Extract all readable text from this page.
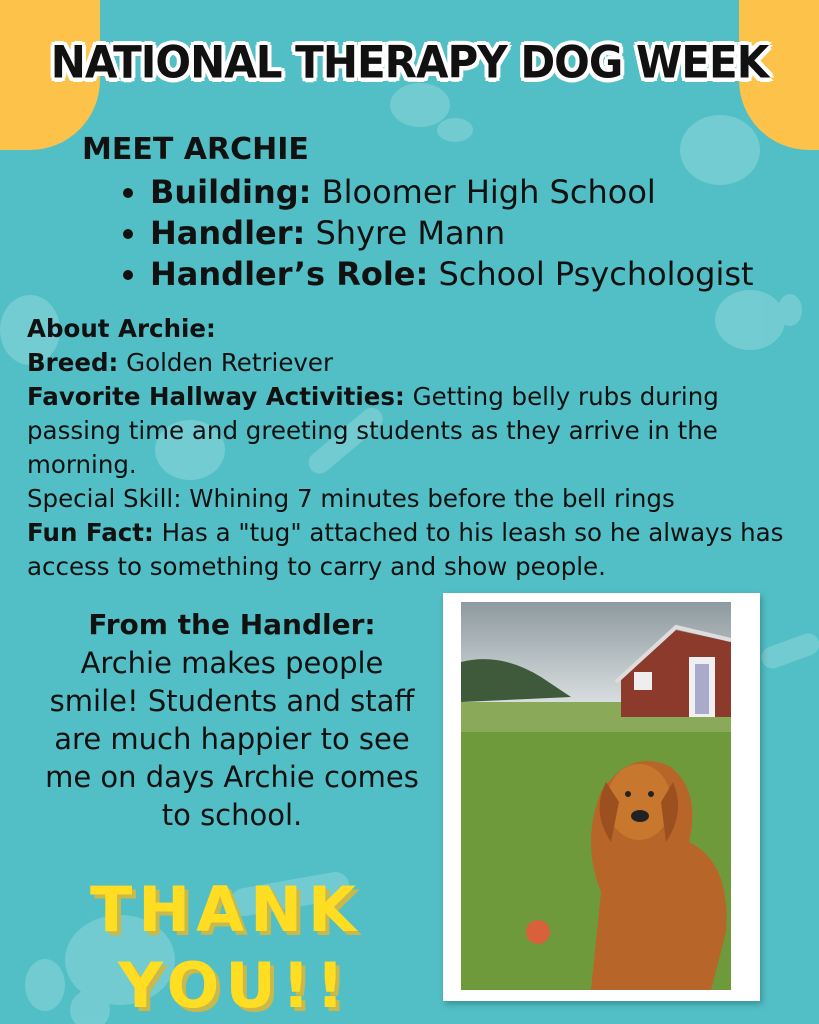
NATIONAL THERAPY DOG WEEK
MEET ARCHIE
• Building: Bloomer High School
• Handler: Shyre Mann
• Handler’s Role: School Psychologist
About Archie:
Breed: Golden Retriever
Favorite Hallway Activities: Getting belly rubs during passing time and greeting students as they arrive in the morning.
Special Skill: Whining 7 minutes before the bell rings
Fun Fact: Has a "tug" attached to his leash so he always has access to something to carry and show people.
From the Handler:
Archie makes people smile! Students and staff are much happier to see me on days Archie comes to school.
THANK
YOU!!
